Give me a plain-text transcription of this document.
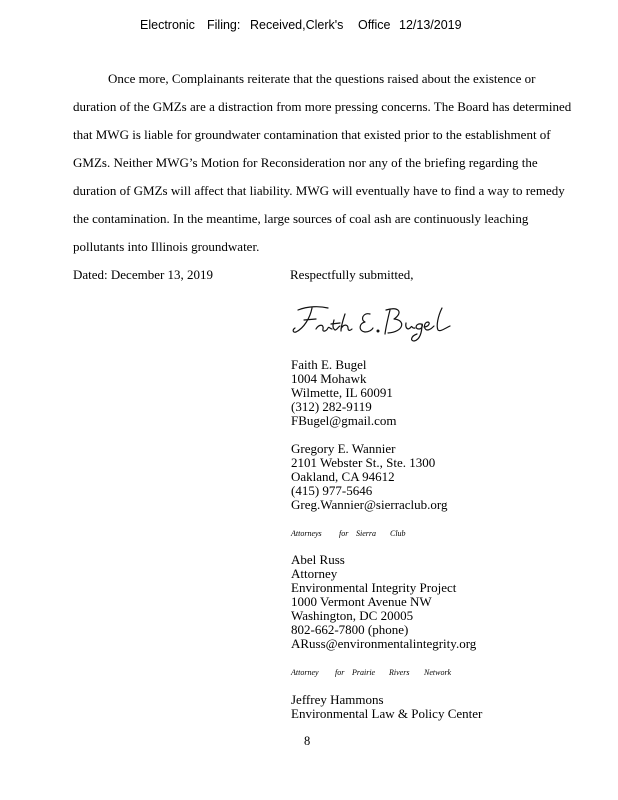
Electronic Filing: Received,Clerk's Office 12/13/2019
Once more, Complainants reiterate that the questions raised about the existence or
duration of the GMZs are a distraction from more pressing concerns. The Board has determined
that MWG is liable for groundwater contamination that existed prior to the establishment of
GMZs. Neither MWG’s Motion for Reconsideration nor any of the briefing regarding the
duration of GMZs will affect that liability. MWG will eventually have to find a way to remedy
the contamination. In the meantime, large sources of coal ash are continuously leaching
pollutants into Illinois groundwater.
Dated: December 13, 2019	Respectfully submitted,
Faith E. Bugel
1004 Mohawk
Wilmette, IL 60091
(312) 282-9119
FBugel@gmail.com
Gregory E. Wannier
2101 Webster St., Ste. 1300
Oakland, CA 94612
(415) 977-5646
Greg.Wannier@sierraclub.org
Attorneys for Sierra Club
Abel Russ
Attorney
Environmental Integrity Project
1000 Vermont Avenue NW
Washington, DC 20005
802-662-7800 (phone)
ARuss@environmentalintegrity.org
Attorney for Prairie Rivers Network
Jeffrey Hammons
Environmental Law & Policy Center
8
